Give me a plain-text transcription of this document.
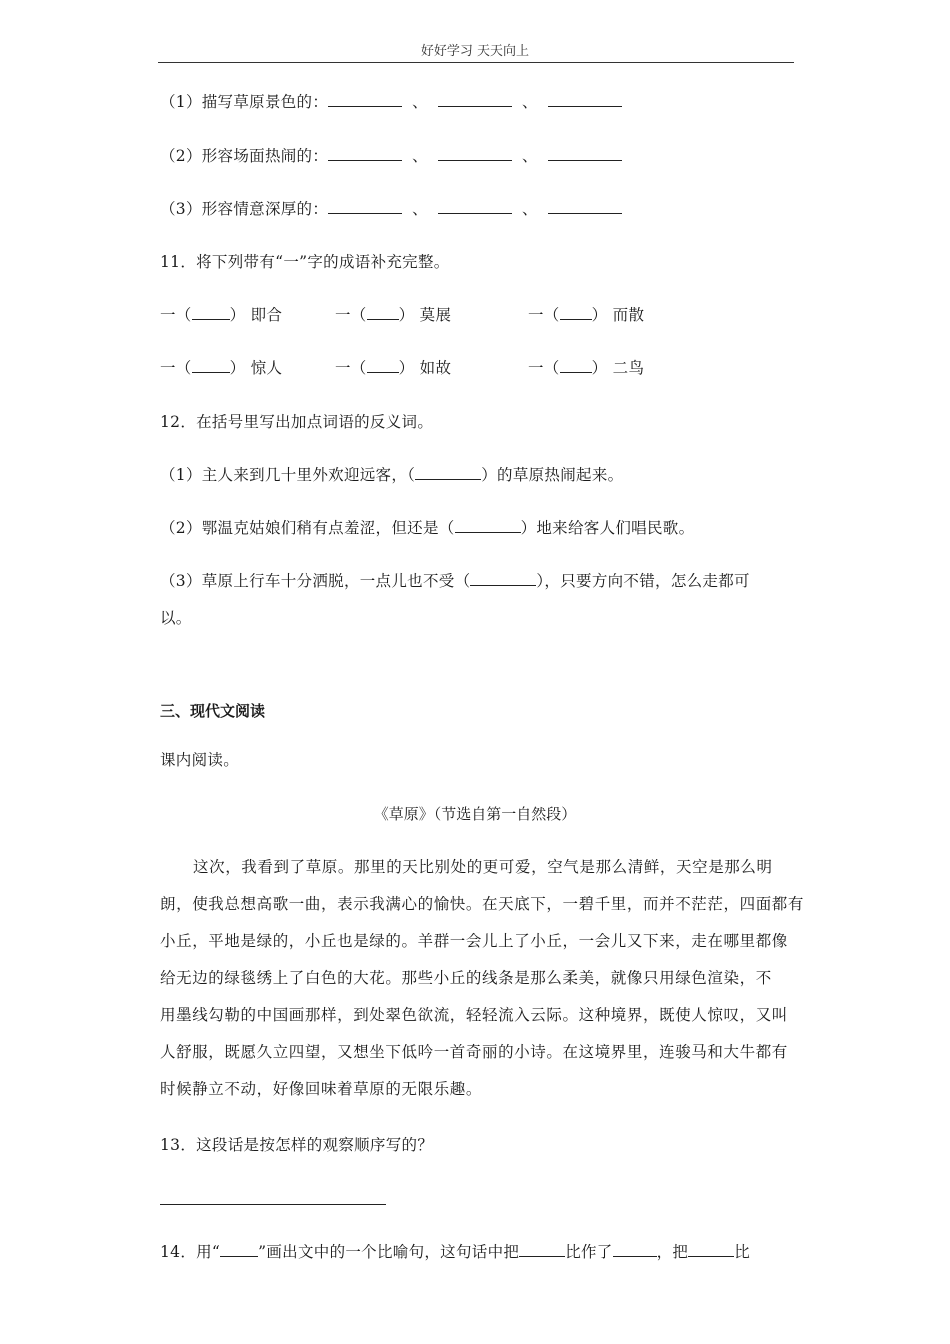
好好学习 天天向上
（1）描写草原景色的：	、	、
（2）形容场面热闹的：	、	、
（3）形容情意深厚的：	、	、
11．将下列带有“一”字的成语补充完整。
一（ ） 即合	一（ ） 莫展	一（ ） 而散
一（ ） 惊人	一（ ） 如故	一（ ） 二鸟
12．在括号里写出加点词语的反义词。
（1）主人来到几十里外欢迎远客，（	）的草原热闹起来。
（2）鄂温克姑娘们稍有点羞涩，但还是（	）地来给客人们唱民歌。
（3）草原上行车十分洒脱，一点儿也不受（	），只要方向不错，怎么走都可
以。
三、现代文阅读
课内阅读。
《草原》（节选自第一自然段）
这次，我看到了草原。那里的天比别处的更可爱，空气是那么清鲜，天空是那么明
朗，使我总想高歌一曲，表示我满心的愉快。在天底下，一碧千里，而并不茫茫，四面都有
小丘，平地是绿的，小丘也是绿的。羊群一会儿上了小丘，一会儿又下来，走在哪里都像
给无边的绿毯绣上了白色的大花。那些小丘的线条是那么柔美，就像只用绿色渲染，不
用墨线勾勒的中国画那样，到处翠色欲流，轻轻流入云际。这种境界，既使人惊叹，又叫
人舒服，既愿久立四望，又想坐下低吟一首奇丽的小诗。在这境界里，连骏马和大牛都有
时候静立不动，好像回味着草原的无限乐趣。
13．这段话是按怎样的观察顺序写的？
14．用“ ”画出文中的一个比喻句，这句话中把	比作了	，把	比
